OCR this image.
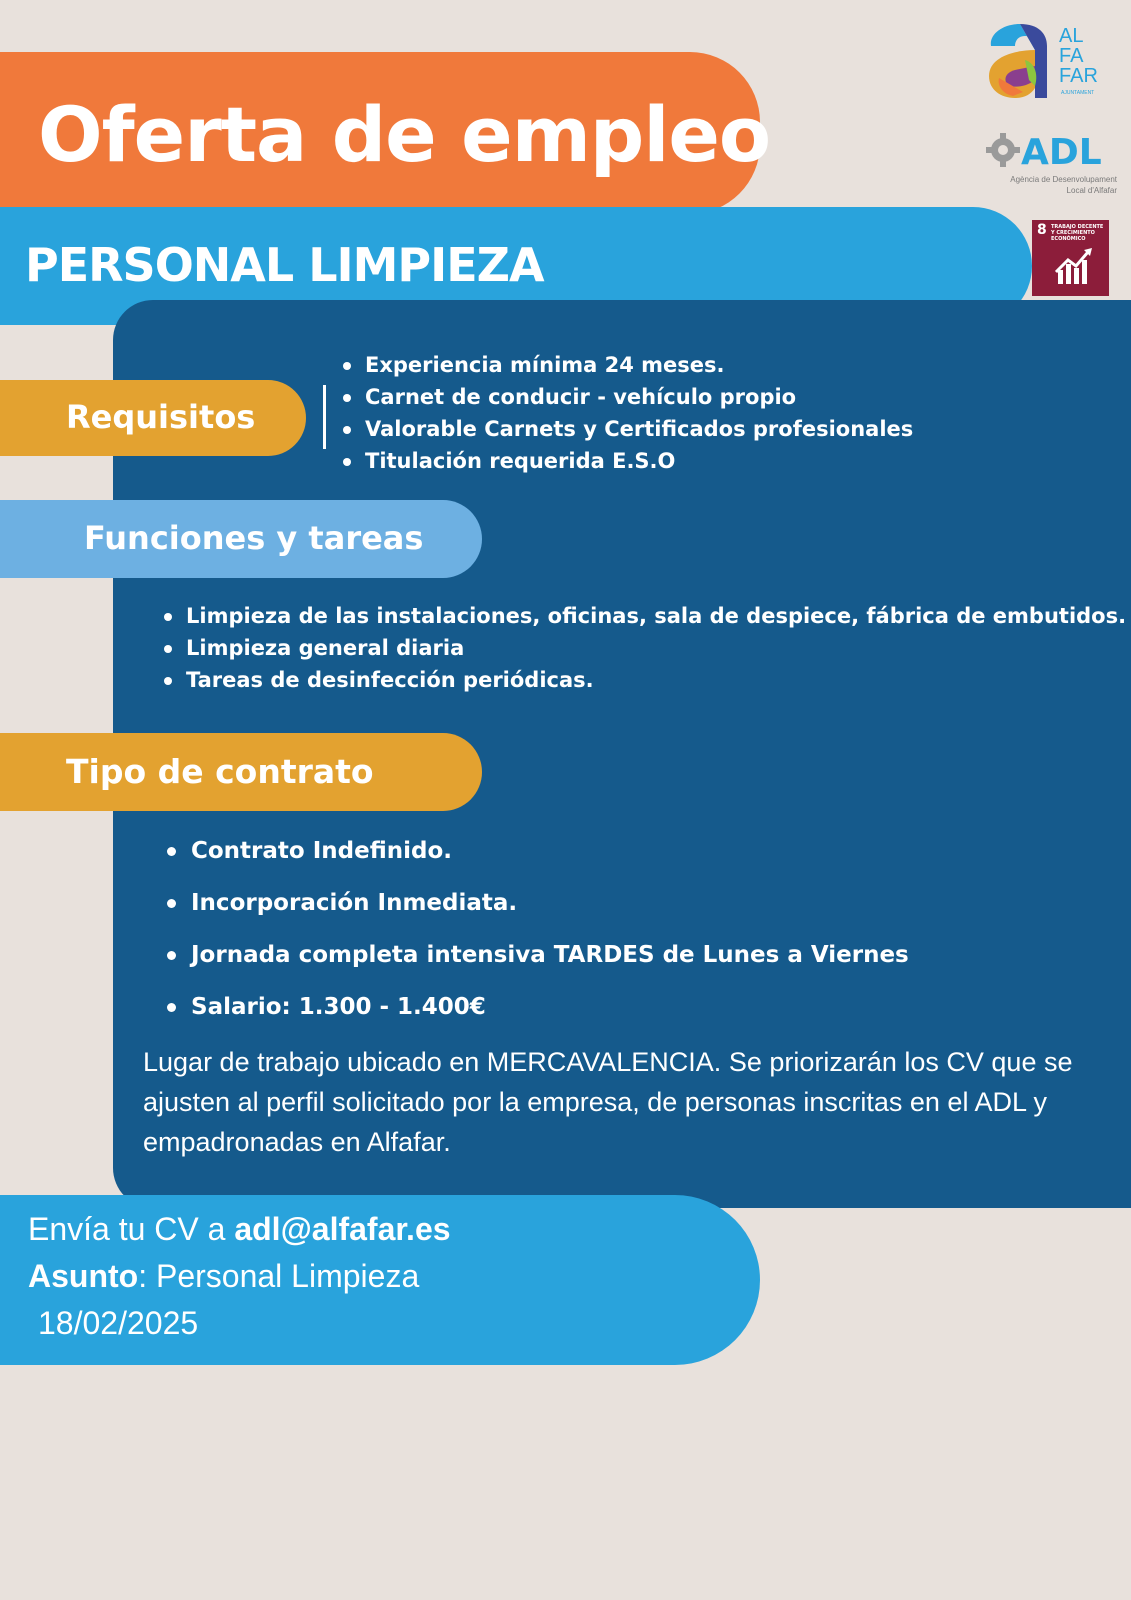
Oferta de empleo
PERSONAL LIMPIEZA
AL
FA
FAR
AJUNTAMENT
ADL
Agència de Desenvolupament
Local d'Alfafar
8 TRABAJO DECENTE Y CRECIMIENTO ECONÓMICO
Requisitos
Experiencia mínima 24 meses.
Carnet de conducir - vehículo propio
Valorable Carnets y Certificados profesionales
Titulación requerida E.S.O
Funciones y tareas
Limpieza de las instalaciones, oficinas, sala de despiece, fábrica de embutidos.
Limpieza general diaria
Tareas de desinfección periódicas.
Tipo de contrato
Contrato Indefinido.
Incorporación Inmediata.
Jornada completa intensiva TARDES de Lunes a Viernes
Salario: 1.300 - 1.400€
Lugar de trabajo ubicado en MERCAVALENCIA. Se priorizarán los CV que se ajusten al perfil solicitado por la empresa, de personas inscritas en el ADL y empadronadas en Alfafar.
Envía tu CV a adl@alfafar.es
Asunto: Personal Limpieza
18/02/2025
